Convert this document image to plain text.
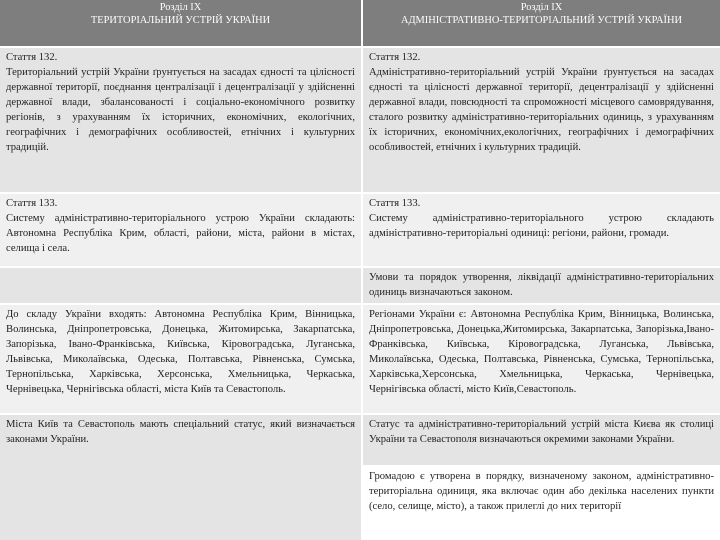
Розділ IX
ТЕРИТОРІАЛЬНИЙ УСТРІЙ УКРАЇНИ
Розділ IX
АДМІНІСТРАТИВНО-ТЕРИТОРІАЛЬНИЙ УСТРІЙ УКРАЇНИ
Стаття 132.
Територіальний устрій України ґрунтується на засадах єдності та цілісності державної території, поєднання централізації і децентралізації у здійсненні державної влади, збалансованості і соціально-економічного розвитку регіонів, з урахуванням їх історичних, економічних, екологічних, географічних і демографічних особливостей, етнічних і культурних традицій.
Стаття 132.
Адміністративно-територіальний устрій України ґрунтується на засадах єдності та цілісності державної території, децентралізації у здійсненні державної влади, повсюдності та спроможності місцевого самоврядування, сталого розвитку адміністративно-територіальних одиниць, з урахуванням їх історичних, економічних,екологічних, географічних і демографічних особливостей, етнічних і культурних традицій.
Стаття 133.
Систему адміністративно-територіального устрою України складають: Автономна Республіка Крим, області, райони, міста, райони в містах, селища і села.
Стаття 133.
Систему адміністративно-територіального устрою складають адміністративно-територіальні одиниці: регіони, райони, громади.
Умови та порядок утворення, ліквідації адміністративно-територіальних одиниць визначаються законом.
До складу України входять: Автономна Республіка Крим, Вінницька, Волинська, Дніпропетровська, Донецька, Житомирська, Закарпатська, Запорізька, Івано-Франківська, Київська, Кіровоградська, Луганська, Львівська, Миколаївська, Одеська, Полтавська, Рівненська, Сумська, Тернопільська, Харківська, Херсонська, Хмельницька, Черкаська, Чернівецька, Чернігівська області, міста Київ та Севастополь.
Регіонами України є: Автономна Республіка Крим, Вінницька, Волинська, Дніпропетровська, Донецька,Житомирська, Закарпатська, Запорізька,Івано-Франківська, Київська, Кіровоградська, Луганська, Львівська, Миколаївська, Одеська, Полтавська, Рівненська, Сумська, Тернопільська, Харківська,Херсонська, Хмельницька, Черкаська, Чернівецька, Чернігівська області, місто Київ,Севастополь.
Міста Київ та Севастополь мають спеціальний статус, який визначається законами України.
Статус та адміністративно-територіальний устрій міста Києва як столиці України та Севастополя визначаються окремими законами України.
Громадою є утворена в порядку, визначеному законом, адміністративно-територіальна одиниця, яка включає один або декілька населених пункти (село, селище, місто), а також прилеглі до них території
